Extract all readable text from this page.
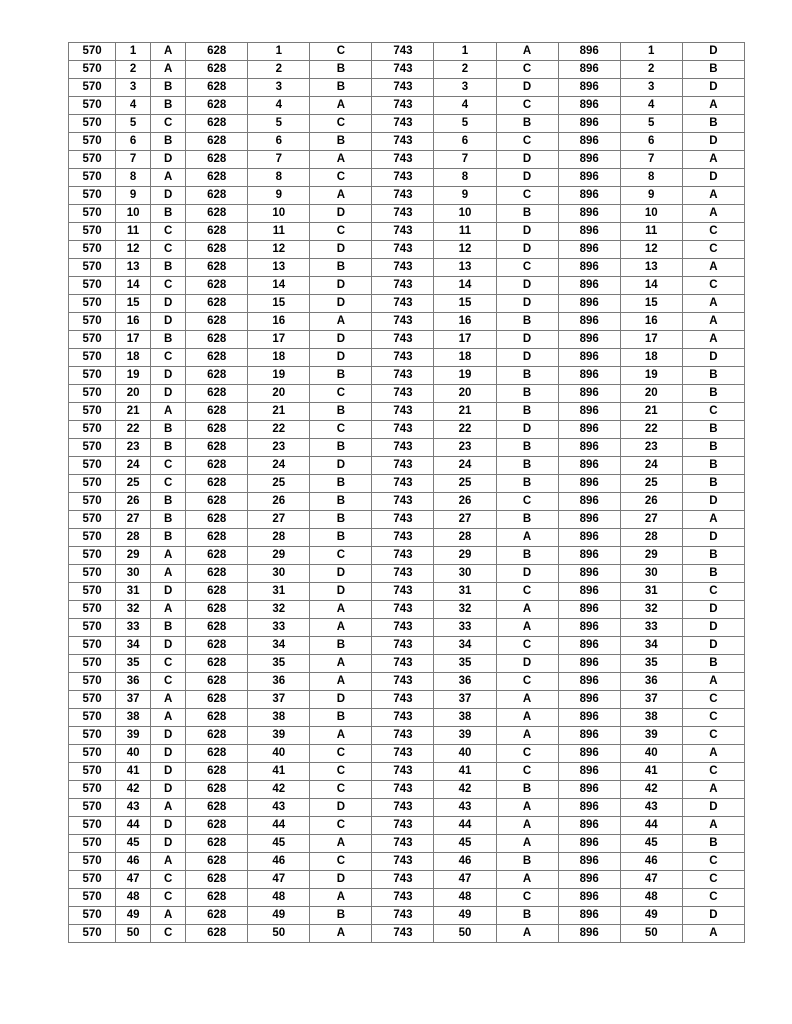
570	1	A	628	1	C	743	1	A	896	1	D
570	2	A	628	2	B	743	2	C	896	2	B
570	3	B	628	3	B	743	3	D	896	3	D
570	4	B	628	4	A	743	4	C	896	4	A
570	5	C	628	5	C	743	5	B	896	5	B
570	6	B	628	6	B	743	6	C	896	6	D
570	7	D	628	7	A	743	7	D	896	7	A
570	8	A	628	8	C	743	8	D	896	8	D
570	9	D	628	9	A	743	9	C	896	9	A
570	10	B	628	10	D	743	10	B	896	10	A
570	11	C	628	11	C	743	11	D	896	11	C
570	12	C	628	12	D	743	12	D	896	12	C
570	13	B	628	13	B	743	13	C	896	13	A
570	14	C	628	14	D	743	14	D	896	14	C
570	15	D	628	15	D	743	15	D	896	15	A
570	16	D	628	16	A	743	16	B	896	16	A
570	17	B	628	17	D	743	17	D	896	17	A
570	18	C	628	18	D	743	18	D	896	18	D
570	19	D	628	19	B	743	19	B	896	19	B
570	20	D	628	20	C	743	20	B	896	20	B
570	21	A	628	21	B	743	21	B	896	21	C
570	22	B	628	22	C	743	22	D	896	22	B
570	23	B	628	23	B	743	23	B	896	23	B
570	24	C	628	24	D	743	24	B	896	24	B
570	25	C	628	25	B	743	25	B	896	25	B
570	26	B	628	26	B	743	26	C	896	26	D
570	27	B	628	27	B	743	27	B	896	27	A
570	28	B	628	28	B	743	28	A	896	28	D
570	29	A	628	29	C	743	29	B	896	29	B
570	30	A	628	30	D	743	30	D	896	30	B
570	31	D	628	31	D	743	31	C	896	31	C
570	32	A	628	32	A	743	32	A	896	32	D
570	33	B	628	33	A	743	33	A	896	33	D
570	34	D	628	34	B	743	34	C	896	34	D
570	35	C	628	35	A	743	35	D	896	35	B
570	36	C	628	36	A	743	36	C	896	36	A
570	37	A	628	37	D	743	37	A	896	37	C
570	38	A	628	38	B	743	38	A	896	38	C
570	39	D	628	39	A	743	39	A	896	39	C
570	40	D	628	40	C	743	40	C	896	40	A
570	41	D	628	41	C	743	41	C	896	41	C
570	42	D	628	42	C	743	42	B	896	42	A
570	43	A	628	43	D	743	43	A	896	43	D
570	44	D	628	44	C	743	44	A	896	44	A
570	45	D	628	45	A	743	45	A	896	45	B
570	46	A	628	46	C	743	46	B	896	46	C
570	47	C	628	47	D	743	47	A	896	47	C
570	48	C	628	48	A	743	48	C	896	48	C
570	49	A	628	49	B	743	49	B	896	49	D
570	50	C	628	50	A	743	50	A	896	50	A
